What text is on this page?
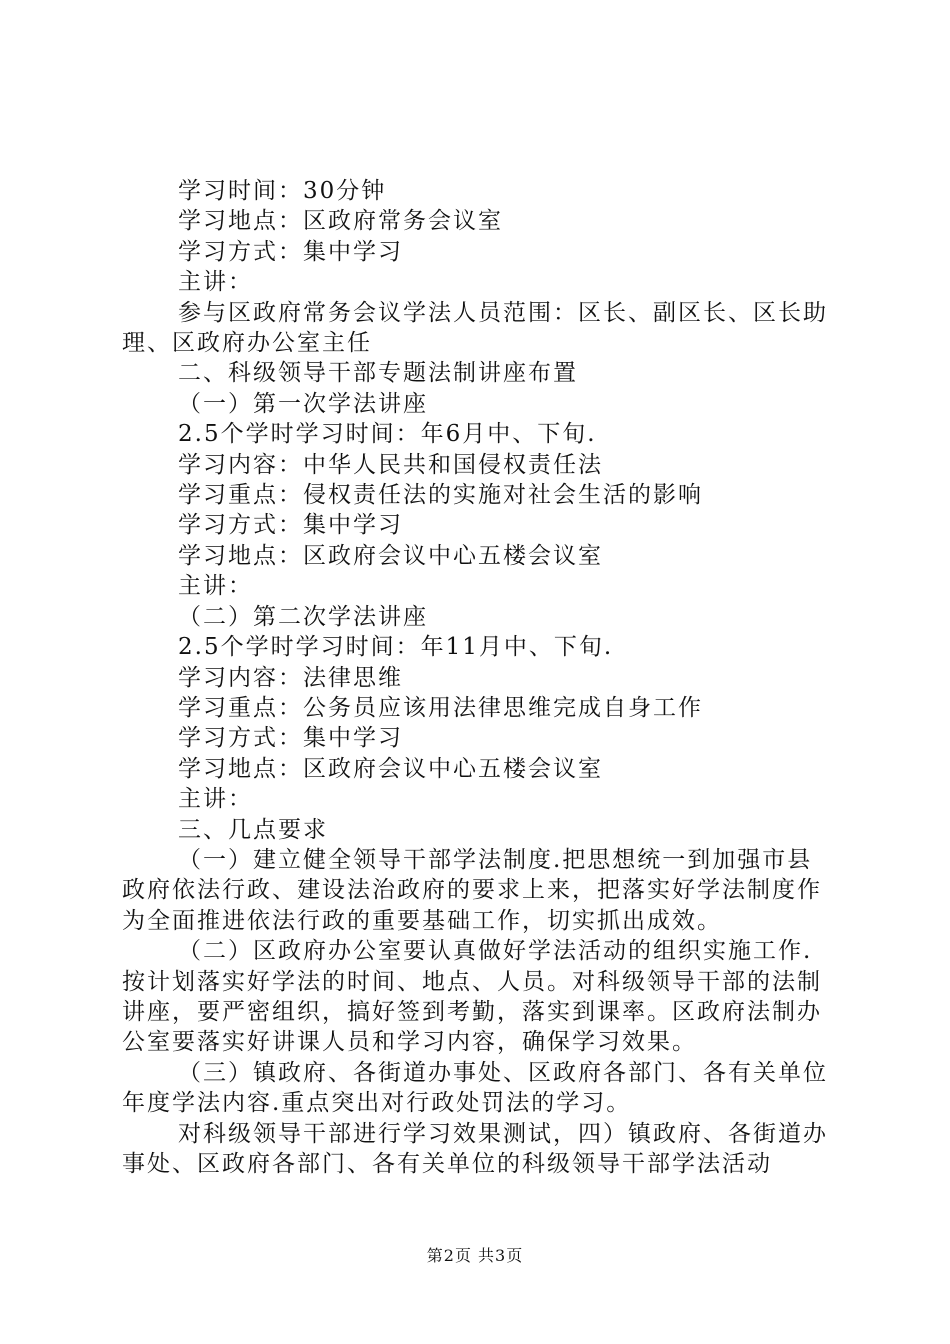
学习时间：30分钟

学习地点：区政府常务会议室

学习方式：集中学习

主讲：

参与区政府常务会议学法人员范围：区长、副区长、区长助理、区政府办公室主任

二、科级领导干部专题法制讲座布置

（一）第一次学法讲座

2.5个学时学习时间：年6月中、下旬.

学习内容：中华人民共和国侵权责任法

学习重点：侵权责任法的实施对社会生活的影响

学习方式：集中学习

学习地点：区政府会议中心五楼会议室

主讲：

（二）第二次学法讲座

2.5个学时学习时间：年11月中、下旬.

学习内容：法律思维

学习重点：公务员应该用法律思维完成自身工作

学习方式：集中学习

学习地点：区政府会议中心五楼会议室

主讲：

三、几点要求

（一）建立健全领导干部学法制度.把思想统一到加强市县政府依法行政、建设法治政府的要求上来，把落实好学法制度作为全面推进依法行政的重要基础工作，切实抓出成效。

（二）区政府办公室要认真做好学法活动的组织实施工作.按计划落实好学法的时间、地点、人员。对科级领导干部的法制讲座，要严密组织，搞好签到考勤，落实到课率。区政府法制办公室要落实好讲课人员和学习内容，确保学习效果。

（三）镇政府、各街道办事处、区政府各部门、各有关单位年度学法内容.重点突出对行政处罚法的学习。

对科级领导干部进行学习效果测试，四）镇政府、各街道办事处、区政府各部门、各有关单位的科级领导干部学法活动

第2页 共3页
